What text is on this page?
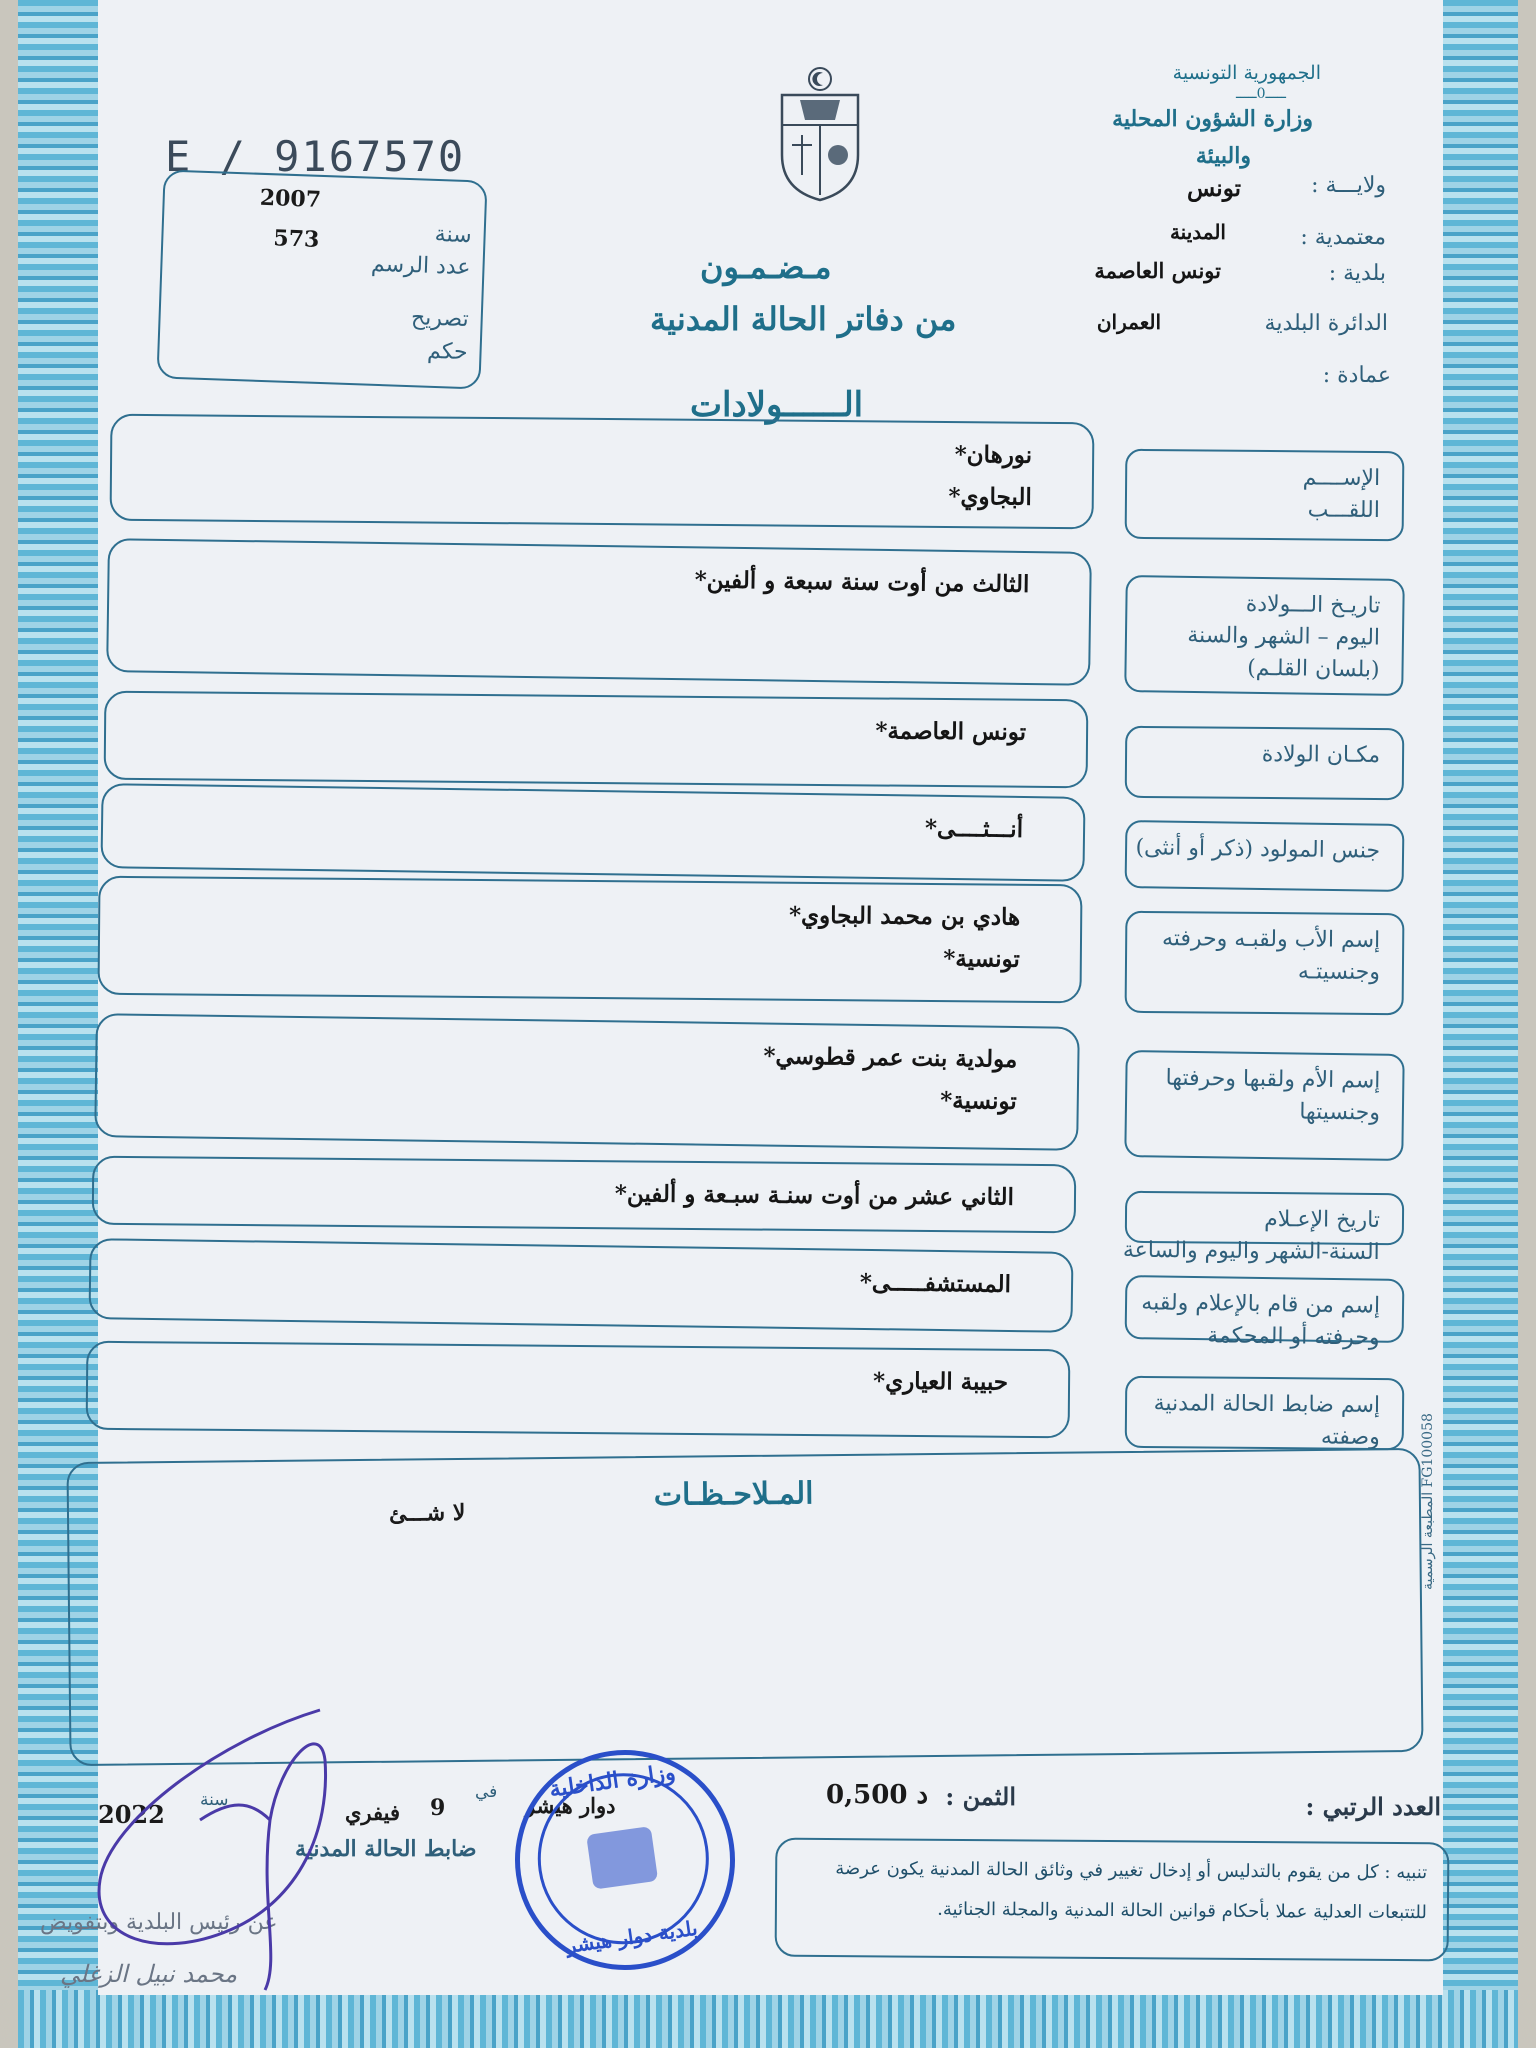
E / 9167570
سنة
2007
عدد الرسم
573
تصريح
حكم
الجمهورية التونسية
ـــــ0ـــــ
وزارة الشؤون المحلية
والبيئة
ولايـــة :
تونس
معتمدية :
المدينة
بلدية :
تونس العاصمة
الدائرة البلدية
العمران
عمادة :
مـضـمـون
من دفاتر الحالة المدنية
الــــــولادات
نورهان*
البجاوي*
الإســــم
اللقـــب
الثالث من أوت سنة سبعة و ألفين*
تاريـخ الـــولادة
اليوم – الشهر والسنة
(بلسان القلـم)
تونس العاصمة*
مكـان الولادة
أنـــثــــى*
جنس المولود (ذكر أو أنثى)
هادي بن محمد البجاوي*
تونسية*
إسم الأب ولقبـه وحرفته
وجنسيتـه
مولدية بنت عمر قطوسي*
تونسية*
إسم الأم ولقبها وحرفتها
وجنسيتها
الثاني عشر من أوت سنـة سبـعة و ألفين*
تاريخ الإعـلام
السنة-الشهر واليوم والساعة
المستشفـــــى*
إسم من قام بالإعلام ولقبه
وحرفته أو المحكمة
حبيبة العياري*
إسم ضابط الحالة المدنية
وصفته
المـلاحـظـات
لا شـــئ	المطبعة الرسمية FG100058
العدد الرتبي :
الثمن :
0,500 د
دوار هيشر
في
9
فيفري
سنة
2022
ضابط الحالة المدنية
عن رئيس البلدية وبتفويض
محمد نبيل الزغلي
وزارة الداخلية
بلدية دوار هيشر
تنبيه : كل من يقوم بالتدليس أو إدخال تغيير في وثائق الحالة المدنية يكون عرضة
للتتبعات العدلية عملا بأحكام قوانين الحالة المدنية والمجلة الجنائية.
